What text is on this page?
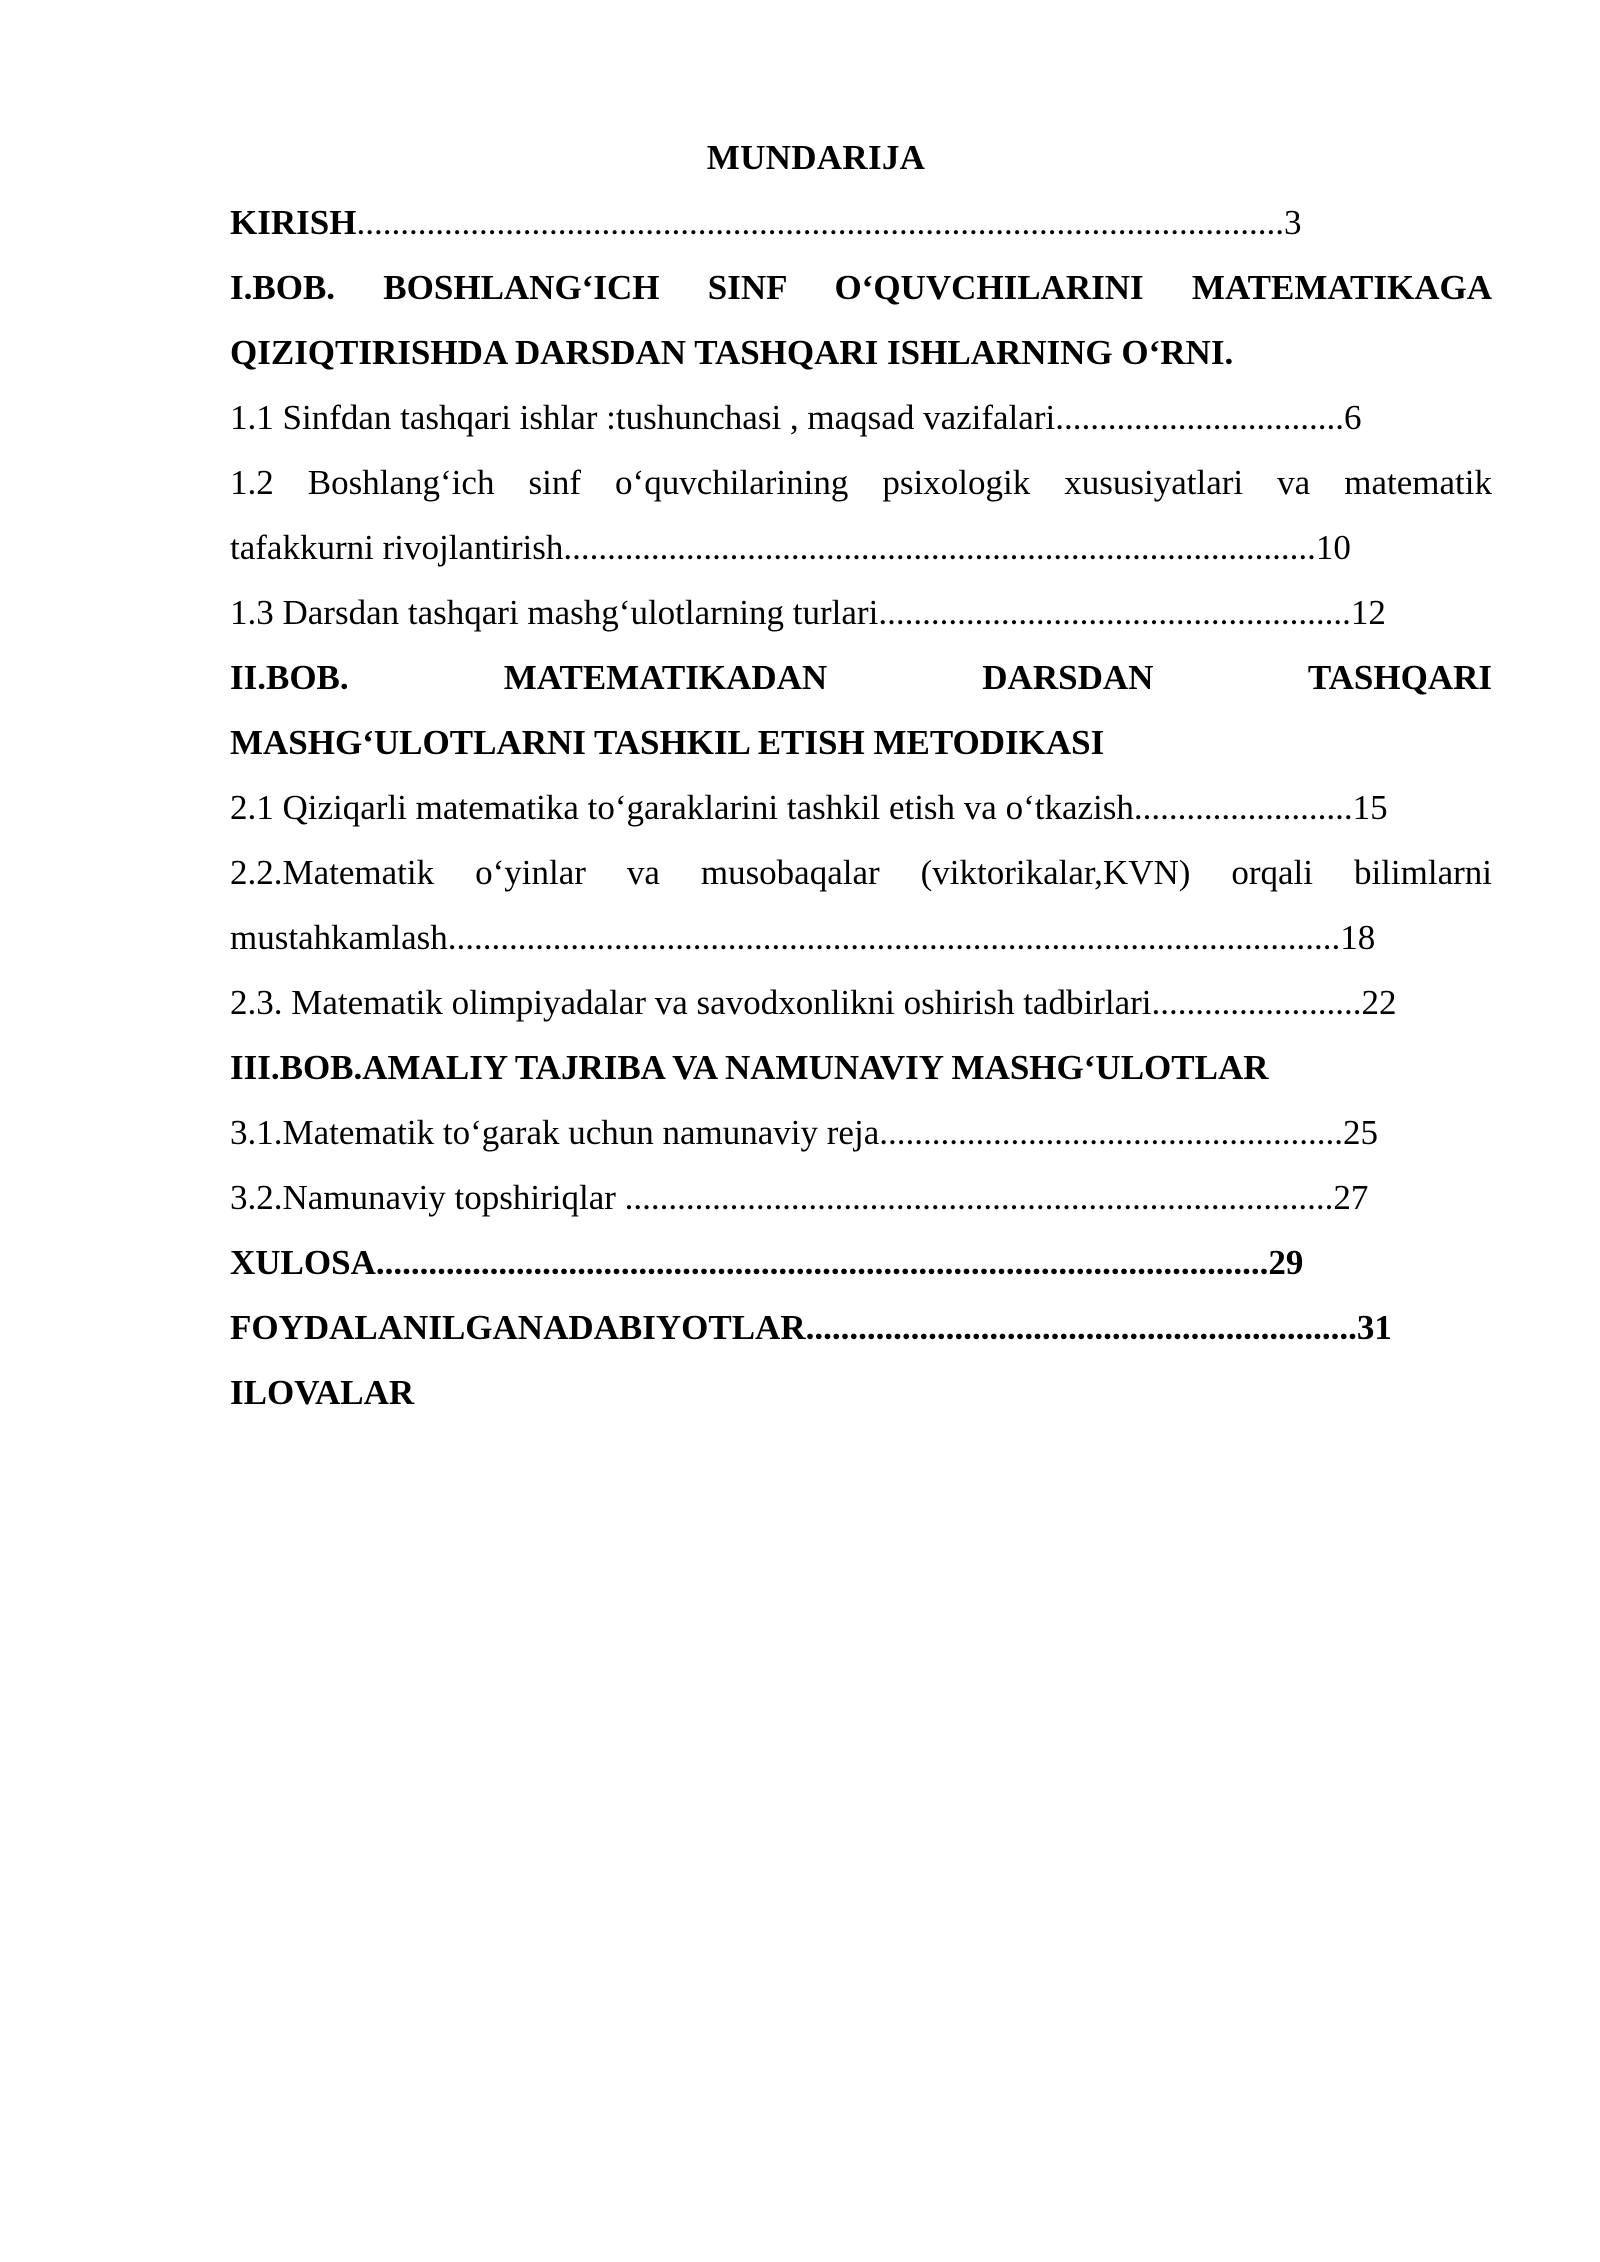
MUNDARIJA
KIRISH..........................................................................................................3
I.BOB. BOSHLANG‘ICH SINF O‘QUVCHILARINI MATEMATIKAGA
QIZIQTIRISHDA DARSDAN TASHQARI ISHLARNING O‘RNI.
1.1 Sinfdan tashqari ishlar :tushunchasi , maqsad vazifalari.................................6
1.2 Boshlang‘ich sinf o‘quvchilarining psixologik xususiyatlari va matematik
tafakkurni rivojlantirish......................................................................................10
1.3 Darsdan tashqari mashg‘ulotlarning turlari......................................................12
II.BOB. MATEMATIKADAN DARSDAN TASHQARI
MASHG‘ULOTLARNI TASHKIL ETISH METODIKASI
2.1 Qiziqarli matematika to‘garaklarini tashkil etish va o‘tkazish.........................15
2.2.Matematik o‘yinlar va musobaqalar (viktorikalar,KVN) orqali bilimlarni
mustahkamlash......................................................................................................18
2.3. Matematik olimpiyadalar va savodxonlikni oshirish tadbirlari........................22
III.BOB.AMALIY TAJRIBA VA NAMUNAVIY MASHG‘ULOTLAR
3.1.Matematik to‘garak uchun namunaviy reja.....................................................25
3.2.Namunaviy topshiriqlar .................................................................................27
XULOSA......................................................................................................29
FOYDALANILGANADABIYOTLAR...............................................................31
ILOVALAR
